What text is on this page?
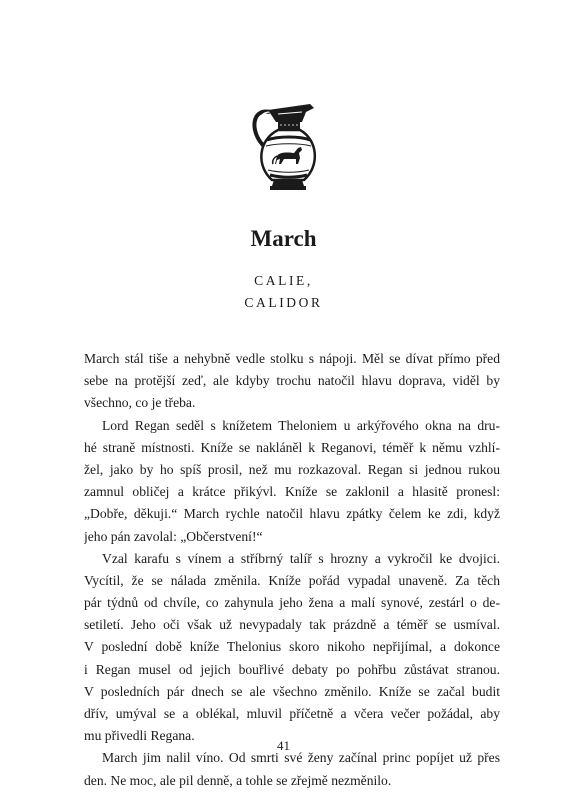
March
CALIE,
CALIDOR
March stál tiše a nehybně vedle stolku s nápoji. Měl se dívat přímo před
sebe na protější zeď, ale kdyby trochu natočil hlavu doprava, viděl by
všechno, co je třeba.
Lord Regan seděl s knížetem Theloniem u arkýřového okna na dru-
hé straně místnosti. Kníže se nakláněl k Reganovi, téměř k němu vzhlí-
žel, jako by ho spíš prosil, než mu rozkazoval. Regan si jednou rukou
zamnul obličej a krátce přikývl. Kníže se zaklonil a hlasitě pronesl:
„Dobře, děkuji.“ March rychle natočil hlavu zpátky čelem ke zdi, když
jeho pán zavolal: „Občerstvení!“
Vzal karafu s vínem a stříbrný talíř s hrozny a vykročil ke dvojici.
Vycítil, že se nálada změnila. Kníže pořád vypadal unaveně. Za těch
pár týdnů od chvíle, co zahynula jeho žena a malí synové, zestárl o de-
setiletí. Jeho oči však už nevypadaly tak prázdně a téměř se usmíval.
V poslední době kníže Thelonius skoro nikoho nepřijímal, a dokonce
i Regan musel od jejich bouřlivé debaty po pohřbu zůstávat stranou.
V posledních pár dnech se ale všechno změnilo. Kníže se začal budit
dřív, umýval se a oblékal, mluvil příčetně a včera večer požádal, aby
mu přivedli Regana.
March jim nalil víno. Od smrti své ženy začínal princ popíjet už přes
den. Ne moc, ale pil denně, a tohle se zřejmě nezměnilo.
41
